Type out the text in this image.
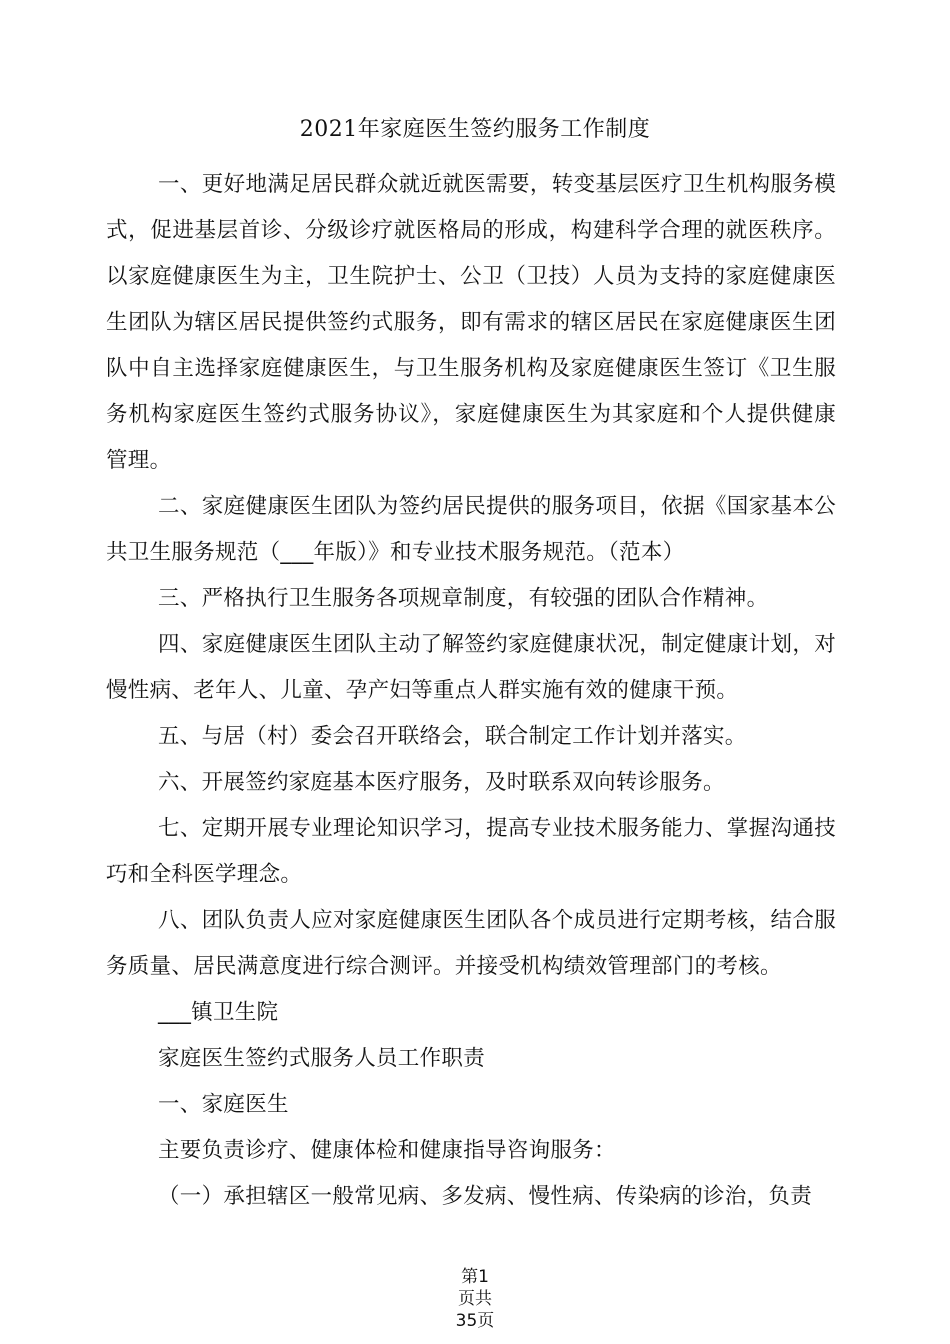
2021年家庭医生签约服务工作制度

一、更好地满足居民群众就近就医需要，转变基层医疗卫生机构服务模式，促进基层首诊、分级诊疗就医格局的形成，构建科学合理的就医秩序。以家庭健康医生为主，卫生院护士、公卫（卫技）人员为支持的家庭健康医生团队为辖区居民提供签约式服务，即有需求的辖区居民在家庭健康医生团队中自主选择家庭健康医生，与卫生服务机构及家庭健康医生签订《卫生服务机构家庭医生签约式服务协议》，家庭健康医生为其家庭和个人提供健康管理。

二、家庭健康医生团队为签约居民提供的服务项目，依据《国家基本公共卫生服务规范（___年版）》和专业技术服务规范。（范本）

三、严格执行卫生服务各项规章制度，有较强的团队合作精神。

四、家庭健康医生团队主动了解签约家庭健康状况，制定健康计划，对慢性病、老年人、儿童、孕产妇等重点人群实施有效的健康干预。

五、与居（村）委会召开联络会，联合制定工作计划并落实。

六、开展签约家庭基本医疗服务，及时联系双向转诊服务。

七、定期开展专业理论知识学习，提高专业技术服务能力、掌握沟通技巧和全科医学理念。

八、团队负责人应对家庭健康医生团队各个成员进行定期考核，结合服务质量、居民满意度进行综合测评。并接受机构绩效管理部门的考核。

___镇卫生院

家庭医生签约式服务人员工作职责

一、家庭医生

主要负责诊疗、健康体检和健康指导咨询服务：

（一）承担辖区一般常见病、多发病、慢性病、传染病的诊治，负责

第1
页共
35页
